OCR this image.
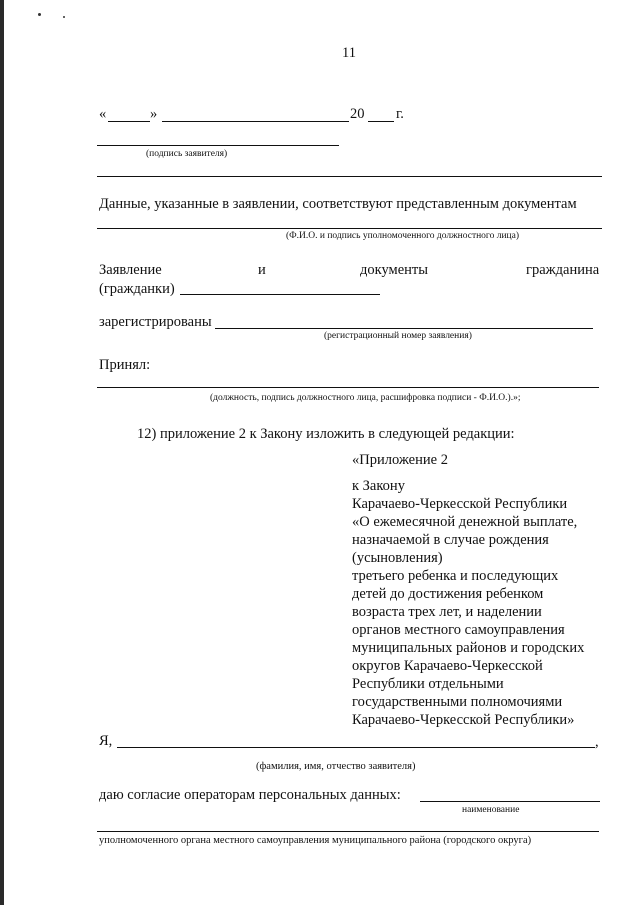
11
«	»	20 г.
(подпись заявителя)
Данные, указанные в заявлении, соответствуют представленным документам
(Ф.И.О. и подпись уполномоченного должностного лица)
Заявление	и	документы	гражданина
(гражданки)
зарегистрированы
(регистрационный номер заявления)
Принял:
(должность, подпись должностного лица, расшифровка подписи - Ф.И.О.).»;
12) приложение 2 к Закону изложить в следующей редакции:
«Приложение 2
к Закону
Карачаево-Черкесской Республики
«О ежемесячной денежной выплате,
назначаемой в случае рождения
(усыновления)
третьего ребенка и последующих
детей до достижения ребенком
возраста трех лет, и наделении
органов местного самоуправления
муниципальных районов и городских
округов Карачаево-Черкесской
Республики отдельными
государственными полномочиями
Карачаево-Черкесской Республики»
Я,	,
(фамилия, имя, отчество заявителя)
даю согласие операторам персональных данных:
наименование
уполномоченного органа местного самоуправления муниципального района (городского округа)
